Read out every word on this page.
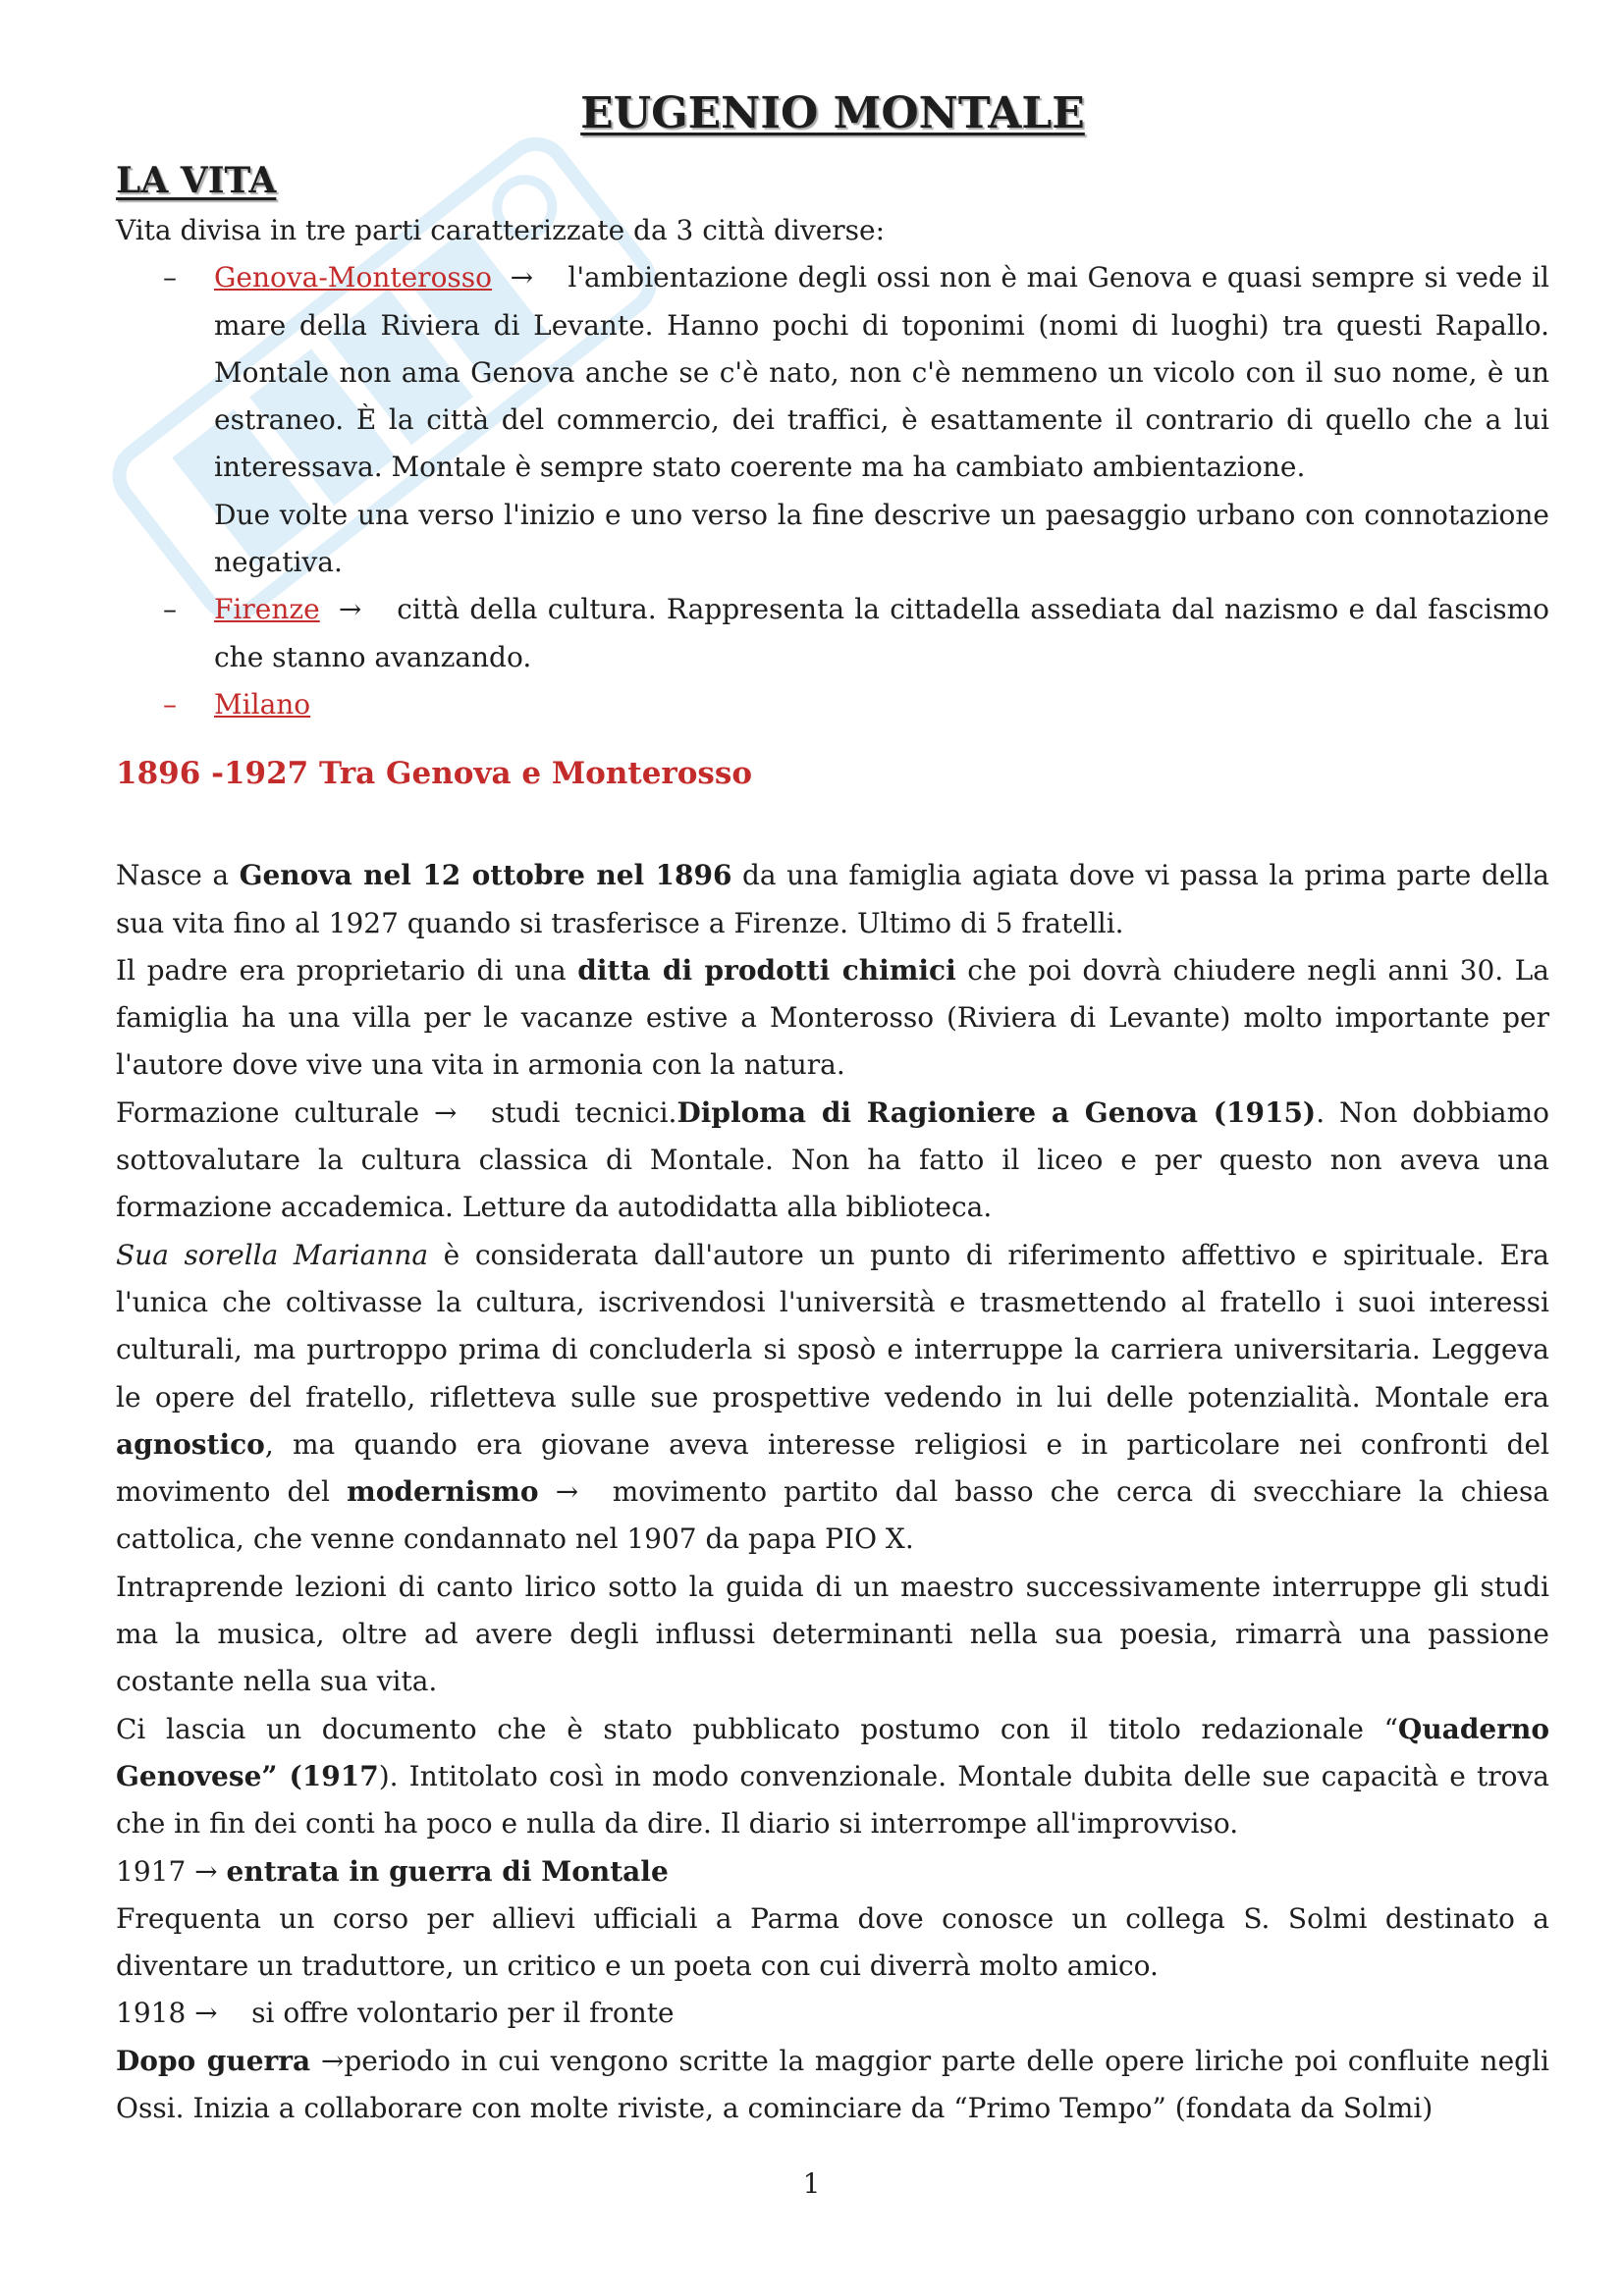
EUGENIO MONTALE
LA VITA

Vita divisa in tre parti caratterizzate da 3 città diverse:

– Genova-Monterosso  → l'ambientazione degli ossi non è mai Genova e quasi sempre si vede il mare della Riviera di Levante. Hanno pochi di toponimi (nomi di luoghi) tra questi Rapallo. Montale non ama Genova anche se c'è nato, non c'è nemmeno un vicolo con il suo nome, è un estraneo. È la città del commercio, dei traffici, è esattamente il contrario di quello che a lui interessava. Montale è sempre stato coerente ma ha cambiato ambientazione.
Due volte una verso l'inizio e uno verso la fine descrive un paesaggio urbano con connotazione negativa.
– Firenze  → città della cultura. Rappresenta la cittadella assediata dal nazismo e dal fascismo che stanno avanzando.
– Milano
1896 -1927 Tra Genova e Monterosso

Nasce a Genova nel 12 ottobre nel 1896 da una famiglia agiata dove vi passa la prima parte della sua vita fino al 1927 quando si trasferisce a Firenze. Ultimo di 5 fratelli.

Il padre era proprietario di una ditta di prodotti chimici che poi dovrà chiudere negli anni 30. La famiglia ha una villa per le vacanze estive a Monterosso (Riviera di Levante) molto importante per l'autore dove vive una vita in armonia con la natura.

Formazione culturale → studi tecnici.Diploma di Ragioniere a Genova (1915). Non dobbiamo sottovalutare la cultura classica di Montale. Non ha fatto il liceo e per questo non aveva una formazione accademica. Letture da autodidatta alla biblioteca.

Sua sorella Marianna è considerata dall'autore un punto di riferimento affettivo e spirituale. Era l'unica che coltivasse la cultura, iscrivendosi l'università e trasmettendo al fratello i suoi interessi culturali, ma purtroppo prima di concluderla si sposò e interruppe la carriera universitaria. Leggeva le opere del fratello, rifletteva sulle sue prospettive vedendo in lui delle potenzialità. Montale era agnostico, ma quando era giovane aveva interesse religiosi e in particolare nei confronti del movimento del modernismo → movimento partito dal basso che cerca di svecchiare la chiesa cattolica, che venne condannato nel 1907 da papa PIO X.

Intraprende lezioni di canto lirico sotto la guida di un maestro successivamente interruppe gli studi ma la musica, oltre ad avere degli influssi determinanti nella sua poesia, rimarrà una passione costante nella sua vita.

Ci lascia un documento che è stato pubblicato postumo con il titolo redazionale “Quaderno Genovese” (1917). Intitolato così in modo convenzionale. Montale dubita delle sue capacità e trova che in fin dei conti ha poco e nulla da dire. Il diario si interrompe all'improvviso.

1917 → entrata in guerra di Montale

Frequenta un corso per allievi ufficiali a Parma dove conosce un collega S. Solmi destinato a diventare un traduttore, un critico e un poeta con cui diverrà molto amico.

1918 → si offre volontario per il fronte

Dopo guerra →periodo in cui vengono scritte la maggior parte delle opere liriche poi confluite negli Ossi. Inizia a collaborare con molte riviste, a cominciare da “Primo Tempo” (fondata da Solmi)

1
